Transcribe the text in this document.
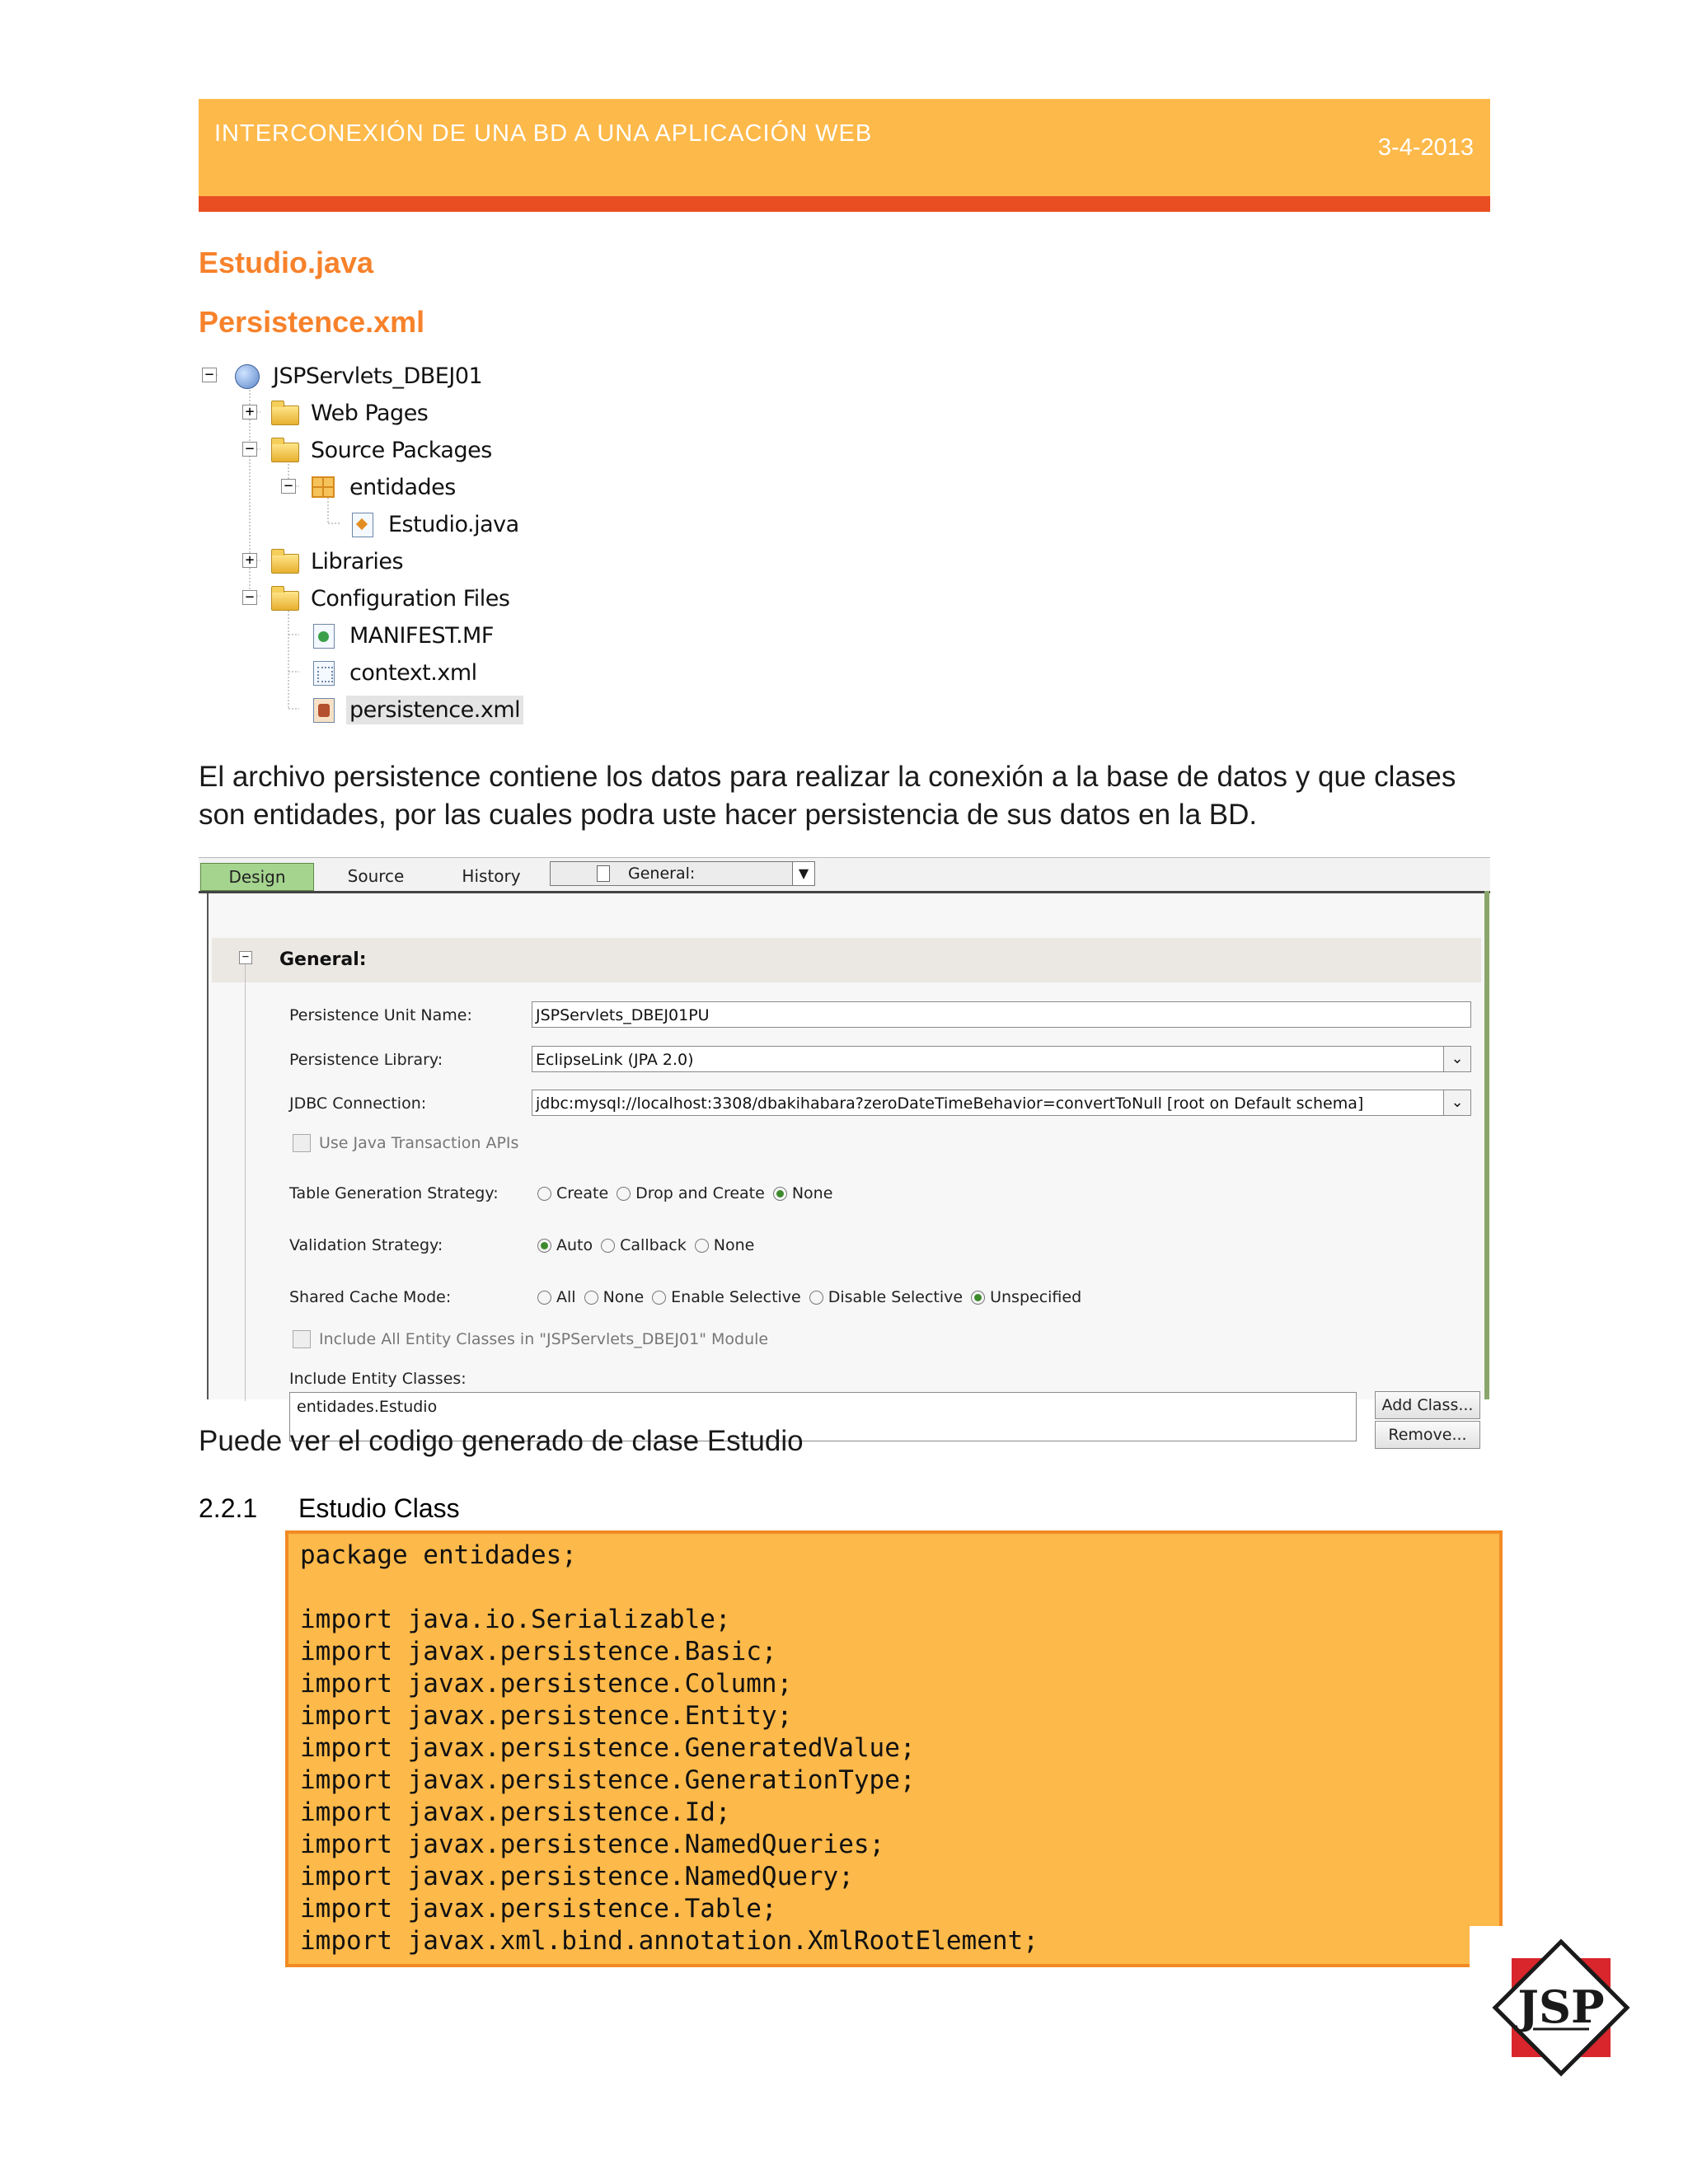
INTERCONEXIÓN DE UNA BD A UNA APLICACIÓN WEB
3-4-2013
Estudio.java
Persistence.xml
−	JSPServlets_DBEJ01
+	Web Pages
−	Source Packages
−	entidades
Estudio.java
+	Libraries
−	Configuration Files
MANIFEST.MF
context.xml
persistence.xml
El archivo persistence contiene los datos para realizar la conexión a la base de datos y que clases son entidades, por las cuales podra uste hacer persistencia de sus datos en la BD.
Design	Source	History	General:	▼
− General:
Persistence Unit Name:	JSPServlets_DBEJ01PU
Persistence Library:	EclipseLink (JPA 2.0)	⌄
JDBC Connection:	jdbc:mysql://localhost:3308/dbakihabara?zeroDateTimeBehavior=convertToNull [root on Default schema]	⌄
Use Java Transaction APIs
Table Generation Strategy:	Create Drop and Create None
Validation Strategy:	Auto Callback None
Shared Cache Mode:	All None Enable Selective Disable Selective Unspecified
Include All Entity Classes in "JSPServlets_DBEJ01" Module
Include Entity Classes:
entidades.Estudio	Add Class...
Remove...
Puede ver el codigo generado de clase Estudio
2.2.1 Estudio Class
package entidades;
import java.io.Serializable;
import javax.persistence.Basic;
import javax.persistence.Column;
import javax.persistence.Entity;
import javax.persistence.GeneratedValue;
import javax.persistence.GenerationType;
import javax.persistence.Id;
import javax.persistence.NamedQueries;
import javax.persistence.NamedQuery;
import javax.persistence.Table;
import javax.xml.bind.annotation.XmlRootElement;
JSP
